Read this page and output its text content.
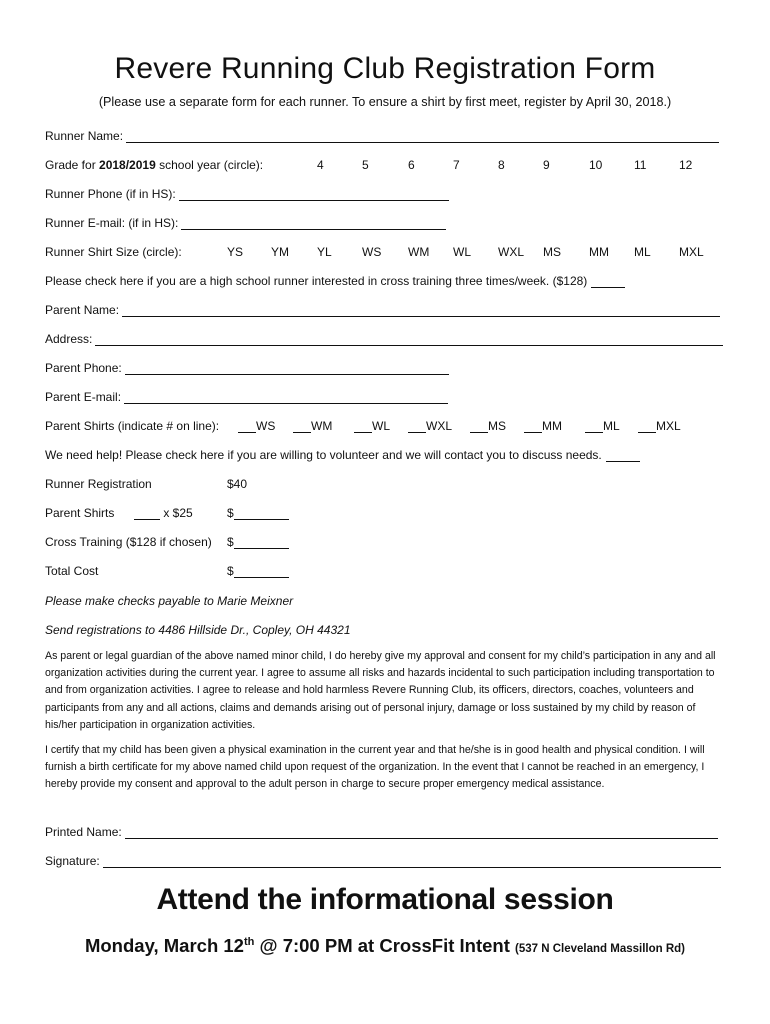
Revere Running Club Registration Form
(Please use a separate form for each runner. To ensure a shirt by first meet, register by April 30, 2018.)
Runner Name:
Grade for 2018/2019 school year (circle):	4	5	6	7	8	9	10	11	12
Runner Phone (if in HS):
Runner E-mail: (if in HS):
Runner Shirt Size (circle):	YS YM YL	WS WM WL WXL MS MM ML MXL
Please check here if you are a high school runner interested in cross training three times/week. ($128)
Parent Name:
Address:
Parent Phone:
Parent E-mail:
Parent Shirts (indicate # on line):	WS	WM	WL	WXL	MS	MM	ML	MXL
We need help! Please check here if you are willing to volunteer and we will contact you to discuss needs.
Runner Registration	$40
Parent Shirts	x $25	$
Cross Training ($128 if chosen) $
Total Cost	$
Please make checks payable to Marie Meixner
Send registrations to 4486 Hillside Dr., Copley, OH 44321
As parent or legal guardian of the above named minor child, I do hereby give my approval and consent for my child’s participation in any and all organization activities during the current year. I agree to assume all risks and hazards incidental to such participation including transportation to and from organization activities. I agree to release and hold harmless Revere Running Club, its officers, directors, coaches, volunteers and participants from any and all actions, claims and demands arising out of personal injury, damage or loss sustained by my child by reason of his/her participation in organization activities.
I certify that my child has been given a physical examination in the current year and that he/she is in good health and physical condition. I will furnish a birth certificate for my above named child upon request of the organization. In the event that I cannot be reached in an emergency, I hereby provide my consent and approval to the adult person in charge to secure proper emergency medical assistance.
Printed Name:
Signature:
Attend the informational session
Monday, March 12th @ 7:00 PM at CrossFit Intent (537 N Cleveland Massillon Rd)
